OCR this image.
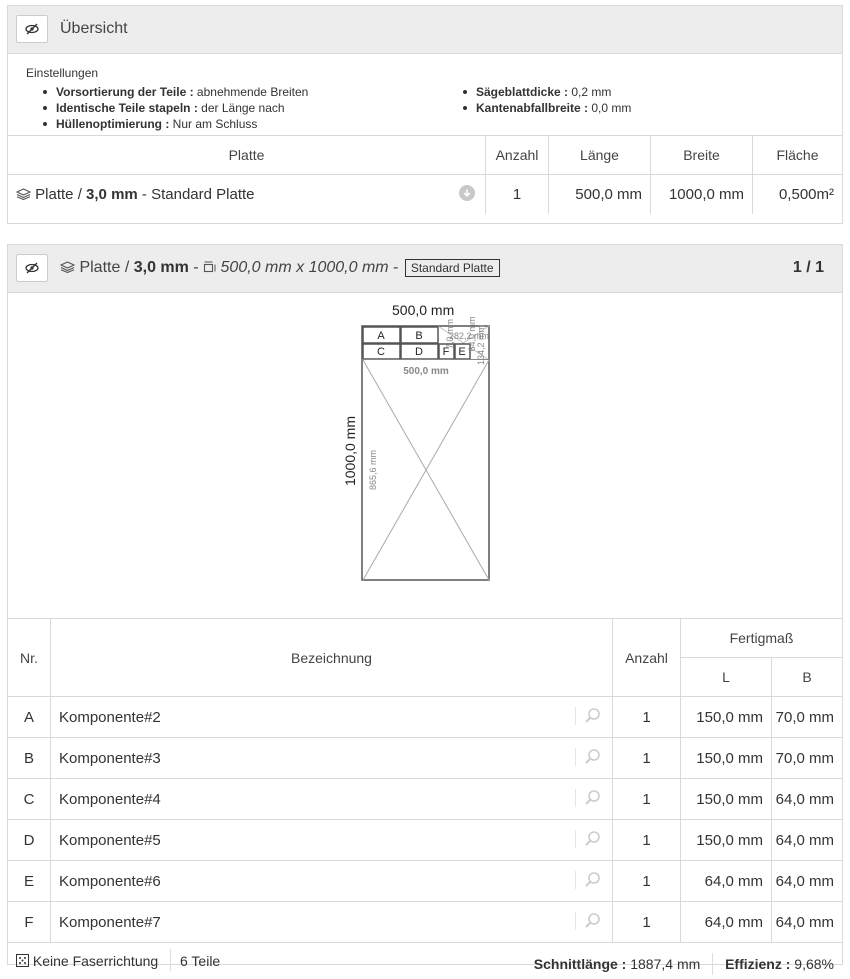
Übersicht
Einstellungen
Vorsortierung der Teile : abnehmende Breiten
Identische Teile stapeln : der Länge nach
Hüllenoptimierung : Nur am Schluss
Sägeblattdicke : 0,2 mm
Kantenabfallbreite : 0,0 mm
Platte	Anzahl	Länge	Breite	Fläche
Platte / 3,0 mm - Standard Platte	1	500,0 mm	1000,0 mm	0,500m²
Platte / 3,0 mm -  500,0 mm x 1000,0 mm - Standard Platte	1 / 1
500,0 mm
1000,0 mm
A	B
C	D F E
500,0 mm
865,6 mm
282,2 mm
134,2 mm
7,0 mm 64,0 mm
Nr.	Bezeichnung	Anzahl	Fertigmaß	
			L	B
A	Komponente#2	1	150,0 mm	70,0 mm
B	Komponente#3	1	150,0 mm	70,0 mm
C	Komponente#4	1	150,0 mm	64,0 mm
D	Komponente#5	1	150,0 mm	64,0 mm
E	Komponente#6	1	64,0 mm	64,0 mm
F	Komponente#7	1	64,0 mm	64,0 mm
Keine Faserrichtung 6 Teile	Schnittlänge : 1887,4 mm Effizienz : 9,68%
